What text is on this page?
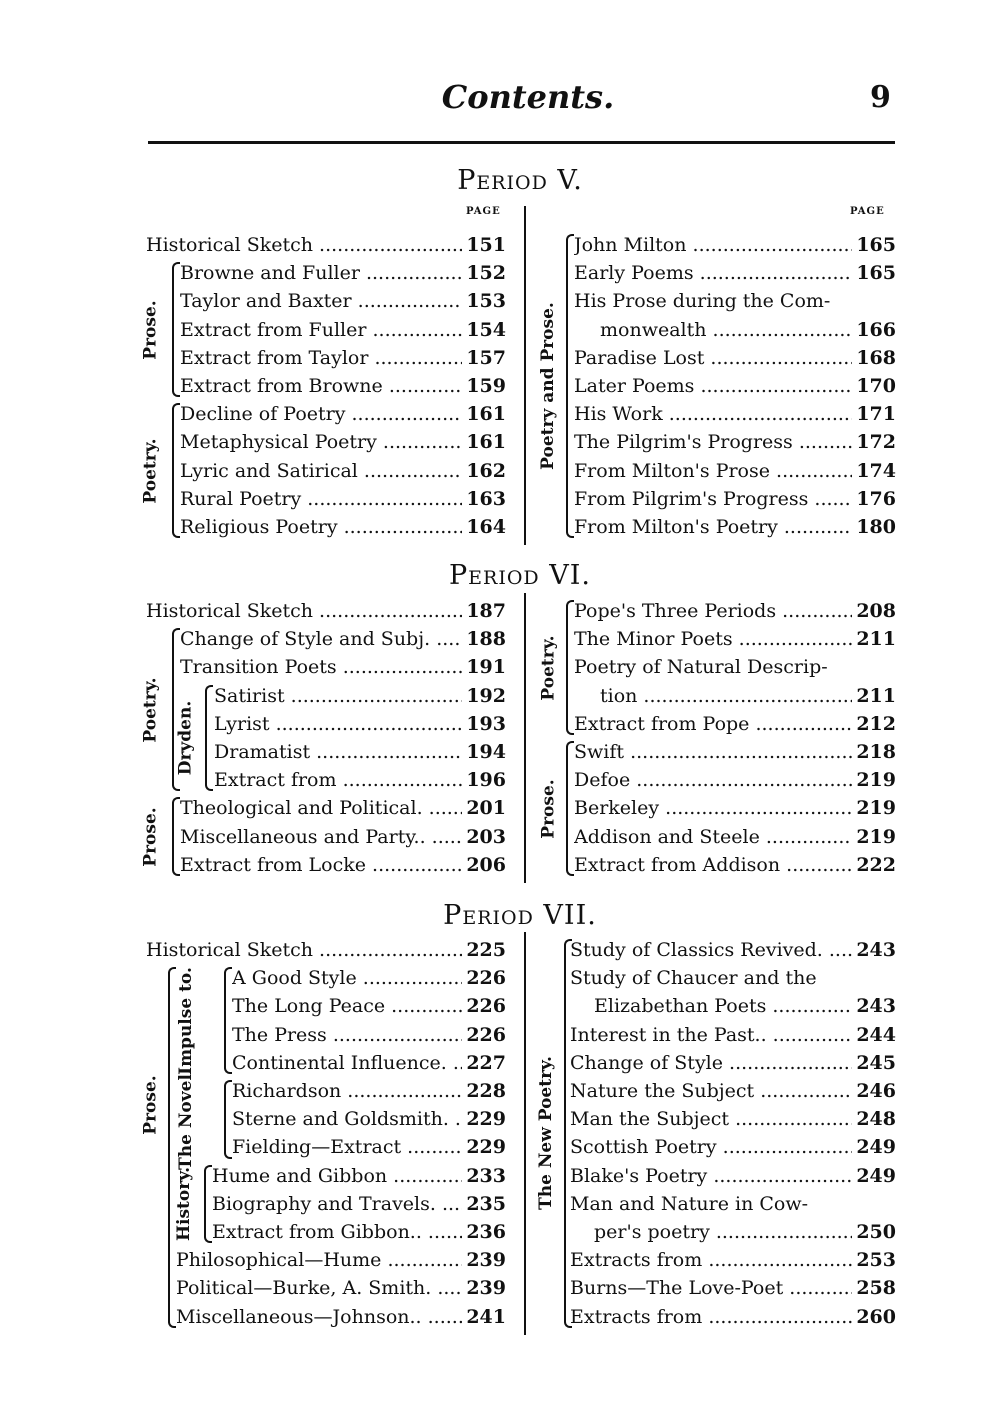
Contents.	9
Period V.
PAGE	PAGE
Historical Sketch .....	151
Browne and Fuller .....	152
Taylor and Baxter .....	153
Extract from Fuller .....	154
Extract from Taylor .....	157
Extract from Browne .....	159
Decline of Poetry .....	161
Metaphysical Poetry .....	161
Lyric and Satirical .....	162
Rural Poetry .....	163
Religious Poetry .....	164
John Milton .....	165
Early Poems .....	165
His Prose during the Com-
monwealth .....	166
Paradise Lost .....	168
Later Poems .....	170
His Work .....	171
The Pilgrim's Progress .....	172
From Milton's Prose .....	174
From Pilgrim's Progress .....	176
From Milton's Poetry .....	180
Prose.
Poetry.
Poetry and Prose.
Period VI.
Historical Sketch .....	187
Change of Style and Subj. .....	188
Transition Poets .....	191
Satirist .....	192
Lyrist .....	193
Dramatist .....	194
Extract from .....	196
Theological and Political. .....	201
Miscellaneous and Party.. .....	203
Extract from Locke .....	206
Pope's Three Periods .....	208
The Minor Poets .....	211
Poetry of Natural Descrip-
tion .....	211
Extract from Pope .....	212
Swift .....	218
Defoe .....	219
Berkeley .....	219
Addison and Steele .....	219
Extract from Addison .....	222
Poetry. Dryden.
Prose.
Poetry.
Prose.
Period VII.
Historical Sketch .....	225
A Good Style .....	226
The Long Peace .....	226
The Press .....	226
Continental Influence. .....	227
Richardson .....	228
Sterne and Goldsmith. ..... 229
Fielding—Extract .....	229
Hume and Gibbon .....	233
Biography and Travels. .....	235
Extract from Gibbon.. .....	236
Philosophical—Hume .....	239
Political—Burke, A. Smith. .....	239
Miscellaneous—Johnson.. .....	241
Study of Classics Revived. .....	243
Study of Chaucer and the
Elizabethan Poets .....	243
Interest in the Past.. .....	244
Change of Style .....	245
Nature the Subject .....	246
Man the Subject .....	248
Scottish Poetry .....	249
Blake's Poetry .....	249
Man and Nature in Cow-
per's poetry .....	250
Extracts from .....	253
Burns—The Love-Poet .....	258
Extracts from .....	260
Prose.
Impulse to.
The Novel.
History.	The New Poetry.
